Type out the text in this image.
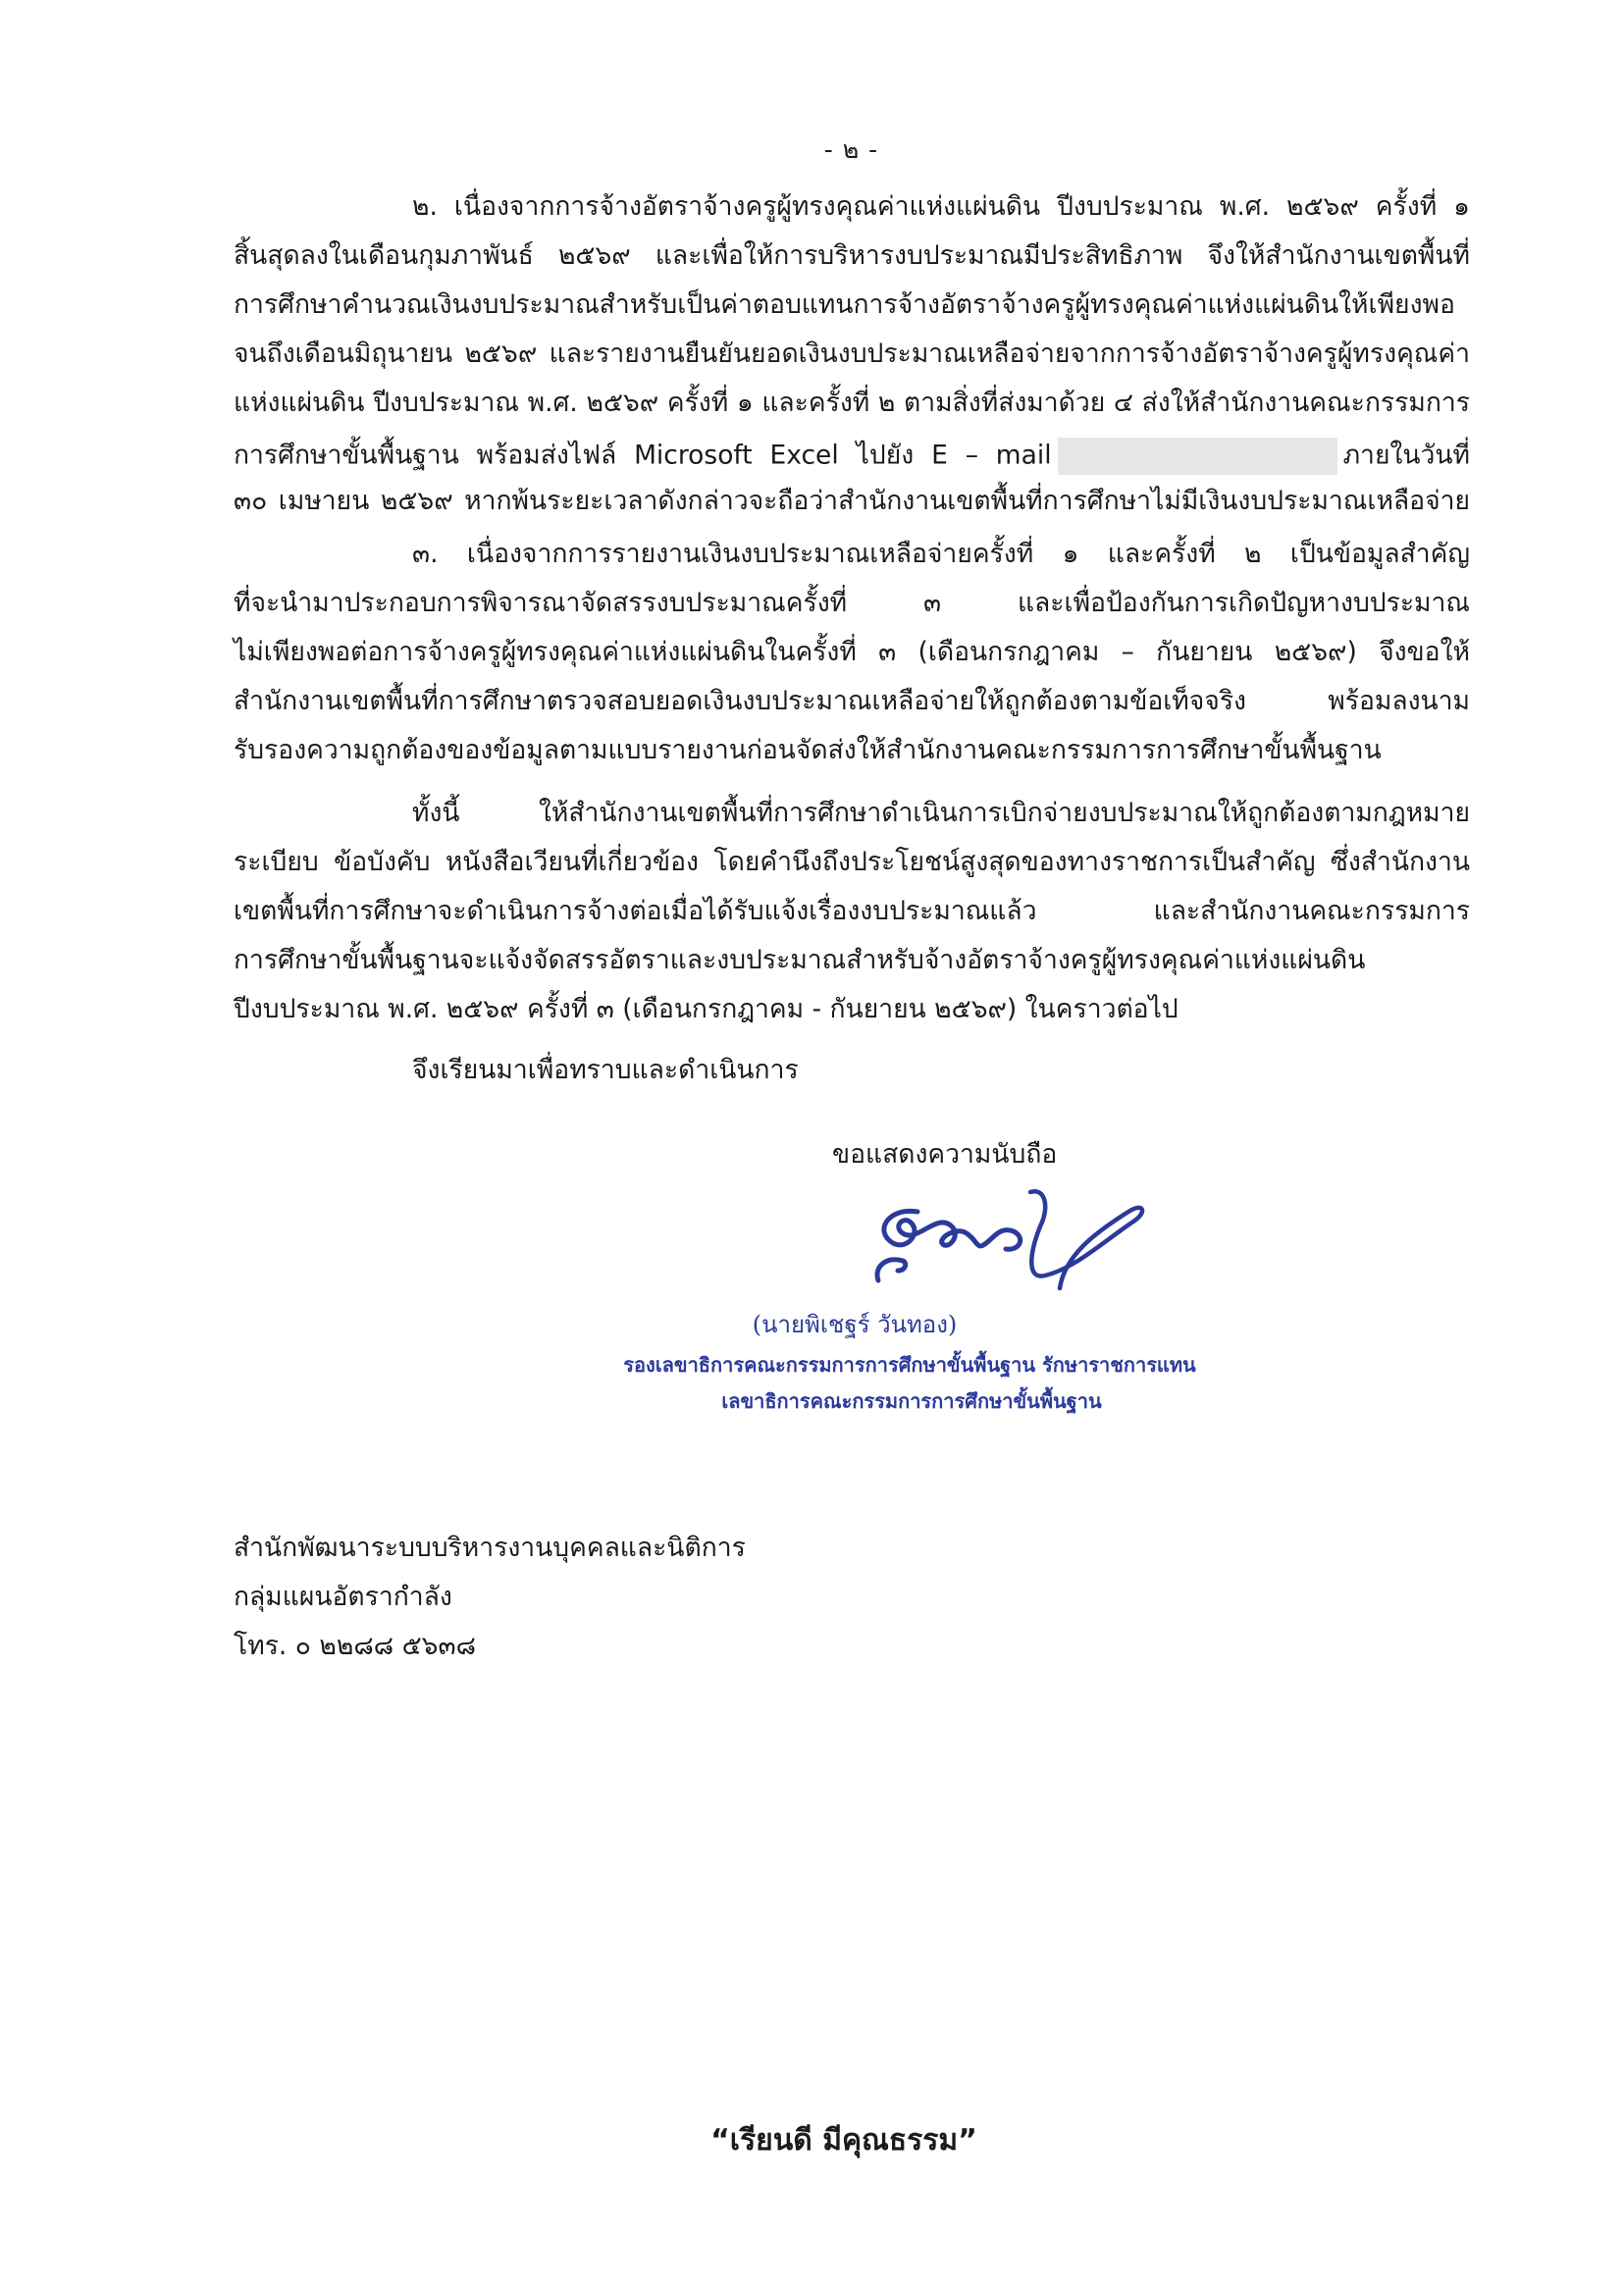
- ๒ -
๒. เนื่องจากการจ้างอัตราจ้างครูผู้ทรงคุณค่าแห่งแผ่นดิน ปีงบประมาณ พ.ศ. ๒๕๖๙ ครั้งที่ ๑
สิ้นสุดลงในเดือนกุมภาพันธ์ ๒๕๖๙ และเพื่อให้การบริหารงบประมาณมีประสิทธิภาพ จึงให้สำนักงานเขตพื้นที่
การศึกษาคำนวณเงินงบประมาณสำหรับเป็นค่าตอบแทนการจ้างอัตราจ้างครูผู้ทรงคุณค่าแห่งแผ่นดินให้เพียงพอ
จนถึงเดือนมิถุนายน ๒๕๖๙ และรายงานยืนยันยอดเงินงบประมาณเหลือจ่ายจากการจ้างอัตราจ้างครูผู้ทรงคุณค่า
แห่งแผ่นดิน ปีงบประมาณ พ.ศ. ๒๕๖๙ ครั้งที่ ๑ และครั้งที่ ๒ ตามสิ่งที่ส่งมาด้วย ๔ ส่งให้สำนักงานคณะกรรมการ
การศึกษาขั้นพื้นฐาน พร้อมส่งไฟล์ Microsoft Excel ไปยัง E – mail	ภายในวันที่
๓๐ เมษายน ๒๕๖๙ หากพ้นระยะเวลาดังกล่าวจะถือว่าสำนักงานเขตพื้นที่การศึกษาไม่มีเงินงบประมาณเหลือจ่าย
๓. เนื่องจากการรายงานเงินงบประมาณเหลือจ่ายครั้งที่ ๑ และครั้งที่ ๒ เป็นข้อมูลสำคัญ
ที่จะนำมาประกอบการพิจารณาจัดสรรงบประมาณครั้งที่ ๓ และเพื่อป้องกันการเกิดปัญหางบประมาณ
ไม่เพียงพอต่อการจ้างครูผู้ทรงคุณค่าแห่งแผ่นดินในครั้งที่ ๓ (เดือนกรกฎาคม – กันยายน ๒๕๖๙) จึงขอให้
สำนักงานเขตพื้นที่การศึกษาตรวจสอบยอดเงินงบประมาณเหลือจ่ายให้ถูกต้องตามข้อเท็จจริง พร้อมลงนาม
รับรองความถูกต้องของข้อมูลตามแบบรายงานก่อนจัดส่งให้สำนักงานคณะกรรมการการศึกษาขั้นพื้นฐาน
ทั้งนี้ ให้สำนักงานเขตพื้นที่การศึกษาดำเนินการเบิกจ่ายงบประมาณให้ถูกต้องตามกฎหมาย
ระเบียบ ข้อบังคับ หนังสือเวียนที่เกี่ยวข้อง โดยคำนึงถึงประโยชน์สูงสุดของทางราชการเป็นสำคัญ ซึ่งสำนักงาน
เขตพื้นที่การศึกษาจะดำเนินการจ้างต่อเมื่อได้รับแจ้งเรื่องงบประมาณแล้ว และสำนักงานคณะกรรมการ
การศึกษาขั้นพื้นฐานจะแจ้งจัดสรรอัตราและงบประมาณสำหรับจ้างอัตราจ้างครูผู้ทรงคุณค่าแห่งแผ่นดิน
ปีงบประมาณ พ.ศ. ๒๕๖๙ ครั้งที่ ๓ (เดือนกรกฎาคม - กันยายน ๒๕๖๙) ในคราวต่อไป
จึงเรียนมาเพื่อทราบและดำเนินการ
ขอแสดงความนับถือ
(นายพิเชฐร์ วันทอง)
รองเลขาธิการคณะกรรมการการศึกษาขั้นพื้นฐาน รักษาราชการแทน
เลขาธิการคณะกรรมการการศึกษาขั้นพื้นฐาน
สำนักพัฒนาระบบบริหารงานบุคคลและนิติการ
กลุ่มแผนอัตรากำลัง
โทร. ๐ ๒๒๘๘ ๕๖๓๘
“เรียนดี มีคุณธรรม”
